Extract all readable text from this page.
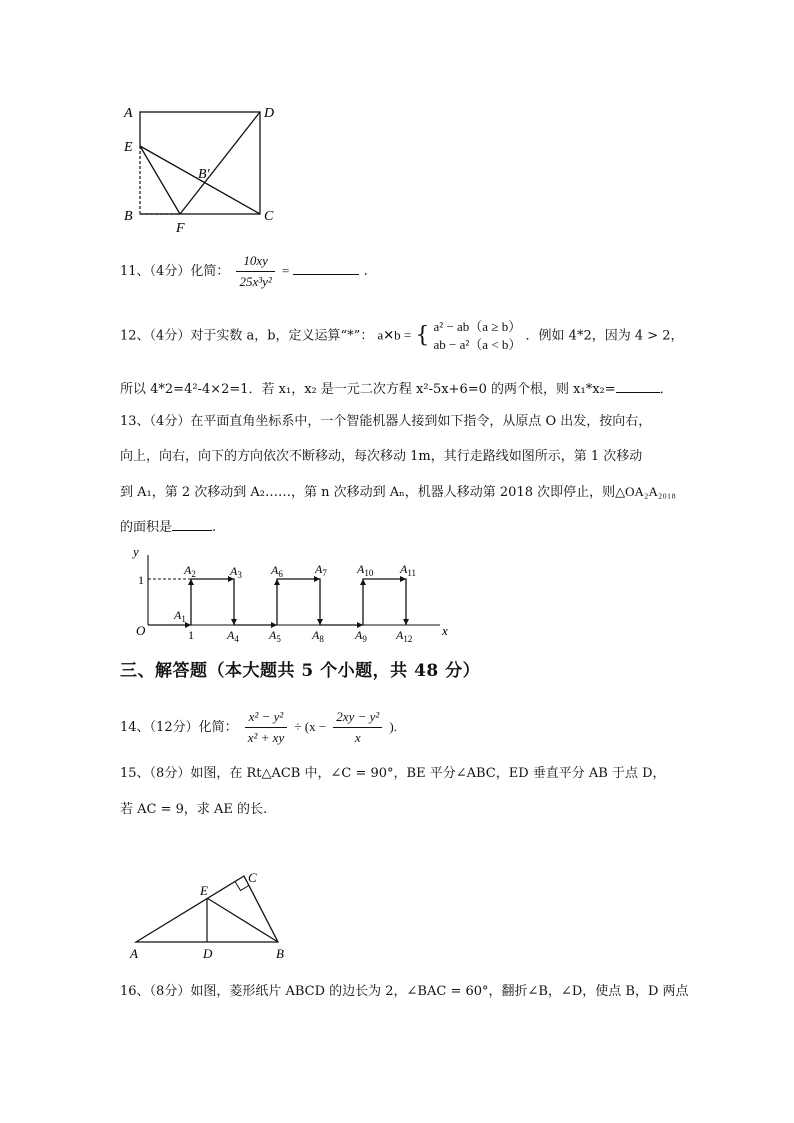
A	D
E
B′
B
F
C
11、（4分）化简： $\frac{10xy}{\text{25x³y²}}$ =	.
12、（4分）对于实数 a，b，定义运算“*”： a✕b = { a² − ab（a ≥ b）
ab − a²（a < b）
．例如 4*2，因为 4 > 2，
所以 4*2=4²-4×2=1．若 x₁，x₂ 是一元二次方程 x²-5x+6=0 的两个根，则 x₁*x₂=	．
13、（4分）在平面直角坐标系中，一个智能机器人接到如下指令，从原点 O 出发，按向右，
向上，向右，向下的方向依次不断移动，每次移动 1m，其行走路线如图所示，第 1 次移动
到 A₁，第 2 次移动到 A₂……，第 n 次移动到 Aₙ，机器人移动第 2018 次即停止，则△OA₂A₂₀₁₈
的面积是	.
y
x
O
1
1
$A_1$
$A_2$	$A_3$
$A_4$	$A_5$
$A_6$	$A_7$
$A_8$	$A_9$
$A_{10}$ $A_{11}$
$A_{12}$
三、解答题（本大题共 5 个小题，共 48 分）
14、（12分）化简： $\frac{\text{x² − y²}}{\text{x² + xy}} \div (x - \frac{\text{2xy − y²}}{x}$ ).
15、（8分）如图，在 Rt△ACB 中，∠C = 90°，BE 平分∠ABC，ED 垂直平分 AB 于点 D，
若 AC = 9，求 AE 的长.
A	B
C
D
E
16、（8分）如图，菱形纸片 ABCD 的边长为 2，∠BAC = 60°，翻折∠B，∠D，使点 B，D 两点
